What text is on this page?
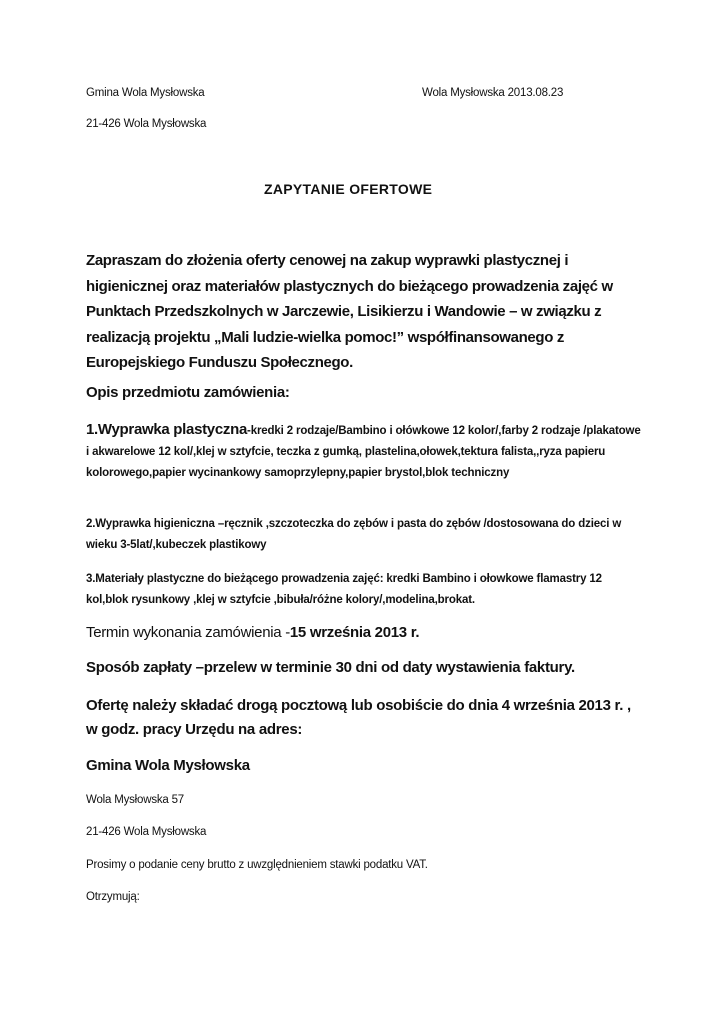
Gmina Wola Mysłowska	Wola Mysłowska 2013.08.23

21-426 Wola Mysłowska

ZAPYTANIE OFERTOWE

Zapraszam do złożenia oferty cenowej na zakup wyprawki plastycznej i higienicznej oraz materiałów plastycznych do bieżącego prowadzenia zajęć w Punktach Przedszkolnych w Jarczewie, Lisikierzu i Wandowie – w związku z realizacją projektu „Mali ludzie-wielka pomoc!” współfinansowanego z Europejskiego Funduszu Społecznego.

Opis przedmiotu zamówienia:

1.Wyprawka plastyczna-kredki 2 rodzaje/Bambino i ołówkowe 12 kolor/,farby 2 rodzaje /plakatowe i akwarelowe 12 kol/,klej w sztyfcie, teczka z gumką, plastelina,ołowek,tektura falista,,ryza papieru kolorowego,papier wycinankowy samoprzylepny,papier brystol,blok techniczny

2.Wyprawka higieniczna –ręcznik ,szczoteczka do zębów i pasta do zębów /dostosowana do dzieci w wieku 3-5lat/,kubeczek plastikowy

3.Materiały plastyczne do bieżącego prowadzenia zajęć: kredki Bambino i ołowkowe flamastry 12 kol,blok rysunkowy ,klej w sztyfcie ,bibuła/różne kolory/,modelina,brokat.

Termin wykonania zamówienia -15 września 2013 r.

Sposób zapłaty –przelew w terminie 30 dni od daty wystawienia faktury.

Ofertę należy składać drogą pocztową lub osobiście do dnia 4 września 2013 r. , w godz. pracy Urzędu na adres:

Gmina Wola Mysłowska

Wola Mysłowska 57

21-426 Wola Mysłowska

Prosimy o podanie ceny brutto z uwzględnieniem stawki podatku VAT.

Otrzymują:
